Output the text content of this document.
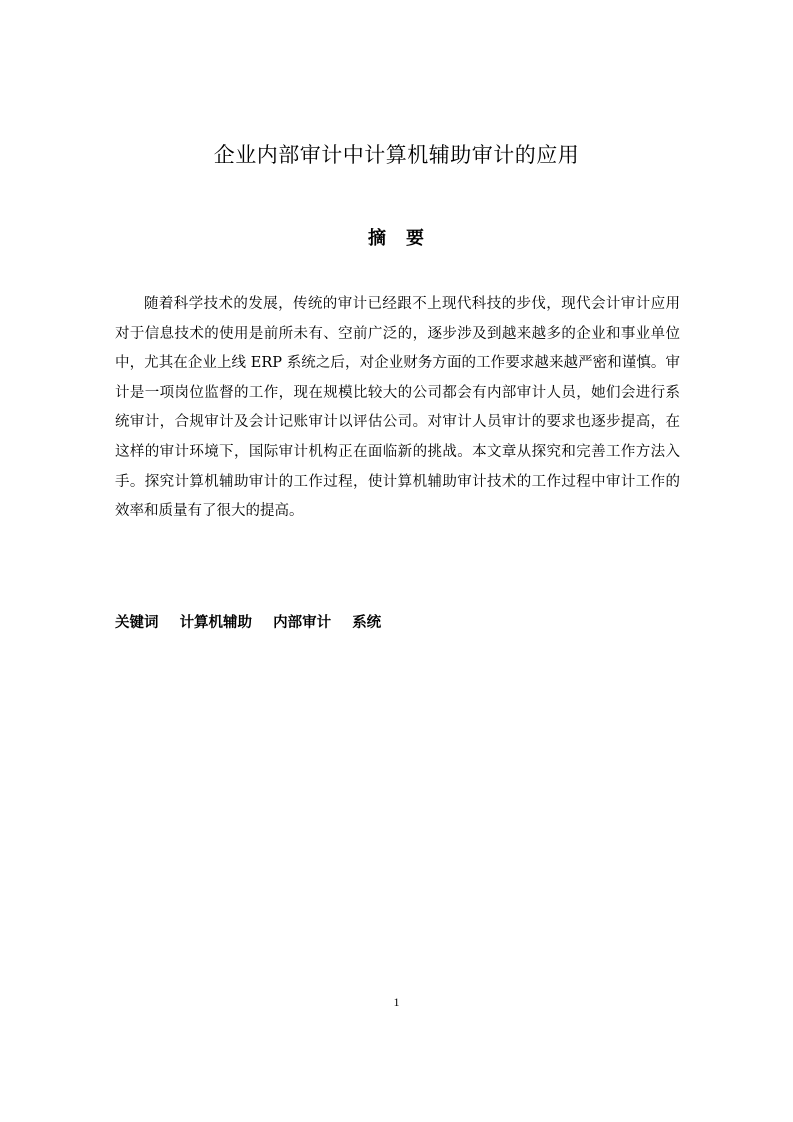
企业内部审计中计算机辅助审计的应用
摘　要
随着科学技术的发展，传统的审计已经跟不上现代科技的步伐，现代会计审计应用对于信息技术的使用是前所未有、空前广泛的，逐步涉及到越来越多的企业和事业单位中，尤其在企业上线 ERP 系统之后，对企业财务方面的工作要求越来越严密和谨慎。审计是一项岗位监督的工作，现在规模比较大的公司都会有内部审计人员，她们会进行系统审计，合规审计及会计记账审计以评估公司。对审计人员审计的要求也逐步提高，在这样的审计环境下，国际审计机构正在面临新的挑战。本文章从探究和完善工作方法入手。探究计算机辅助审计的工作过程，使计算机辅助审计技术的工作过程中审计工作的效率和质量有了很大的提高。
关键词 计算机辅助 内部审计 系统
1
